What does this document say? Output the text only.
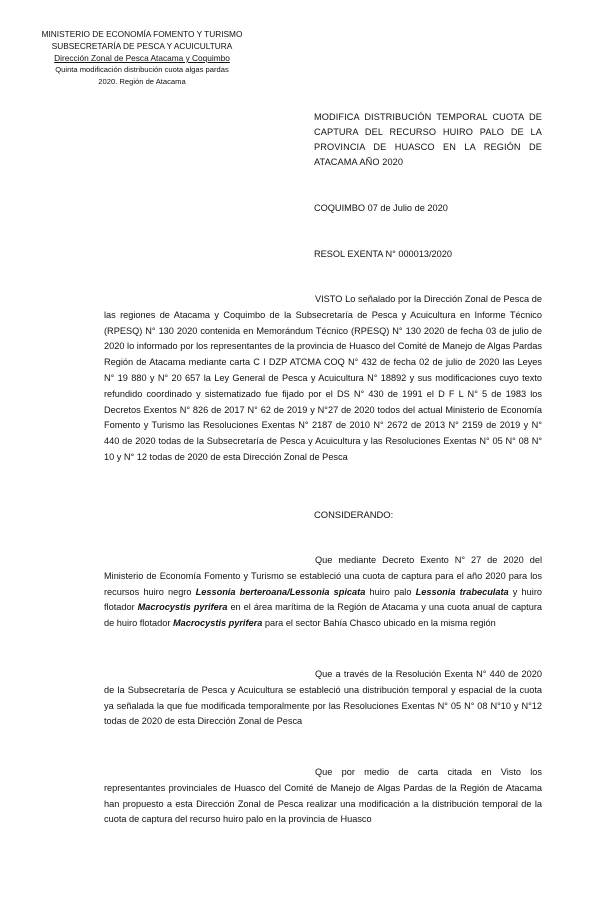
MINISTERIO DE ECONOMÍA FOMENTO Y TURISMO
SUBSECRETARÍA DE PESCA Y ACUICULTURA
Dirección Zonal de Pesca Atacama y Coquimbo
Quinta modificación distribución cuota algas pardas
2020. Región de Atacama
MODIFICA DISTRIBUCIÓN TEMPORAL CUOTA DE CAPTURA DEL RECURSO HUIRO PALO DE LA PROVINCIA DE HUASCO EN LA REGIÓN DE ATACAMA AÑO 2020
COQUIMBO 07 de Julio de 2020
RESOL EXENTA N° 000013/2020
VISTO Lo señalado por la Dirección Zonal de Pesca de las regiones de Atacama y Coquimbo de la Subsecretaría de Pesca y Acuicultura en Informe Técnico (RPESQ) N° 130 2020 contenida en Memorándum Técnico (RPESQ) N° 130 2020 de fecha 03 de julio de 2020 lo informado por los representantes de la provincia de Huasco del Comité de Manejo de Algas Pardas Región de Atacama mediante carta C I DZP ATCMA COQ N° 432 de fecha 02 de julio de 2020 las Leyes N° 19 880 y N° 20 657 la Ley General de Pesca y Acuicultura N° 18892 y sus modificaciones cuyo texto refundido coordinado y sistematizado fue fijado por el DS N° 430 de 1991 el D F L N° 5 de 1983 los Decretos Exentos N° 826 de 2017 N° 62 de 2019 y N°27 de 2020 todos del actual Ministerio de Economía Fomento y Turismo las Resoluciones Exentas N° 2187 de 2010 N° 2672 de 2013 N° 2159 de 2019 y N° 440 de 2020 todas de la Subsecretaría de Pesca y Acuicultura y las Resoluciones Exentas N° 05 N° 08 N° 10 y N° 12 todas de 2020 de esta Dirección Zonal de Pesca
CONSIDERANDO:
Que mediante Decreto Exento N° 27 de 2020 del Ministerio de Economía Fomento y Turismo se estableció una cuota de captura para el año 2020 para los recursos huiro negro Lessonia berteroana/Lessonia spicata huiro palo Lessonia trabeculata y huiro flotador Macrocystis pyrifera en el área marítima de la Región de Atacama y una cuota anual de captura de huiro flotador Macrocystis pyrifera para el sector Bahía Chasco ubicado en la misma región
Que a través de la Resolución Exenta N° 440 de 2020 de la Subsecretaría de Pesca y Acuicultura se estableció una distribución temporal y espacial de la cuota ya señalada la que fue modificada temporalmente por las Resoluciones Exentas N° 05 N° 08 N°10 y N°12 todas de 2020 de esta Dirección Zonal de Pesca
Que por medio de carta citada en Visto los representantes provinciales de Huasco del Comité de Manejo de Algas Pardas de la Región de Atacama han propuesto a esta Dirección Zonal de Pesca realizar una modificación a la distribución temporal de la cuota de captura del recurso huiro palo en la provincia de Huasco
